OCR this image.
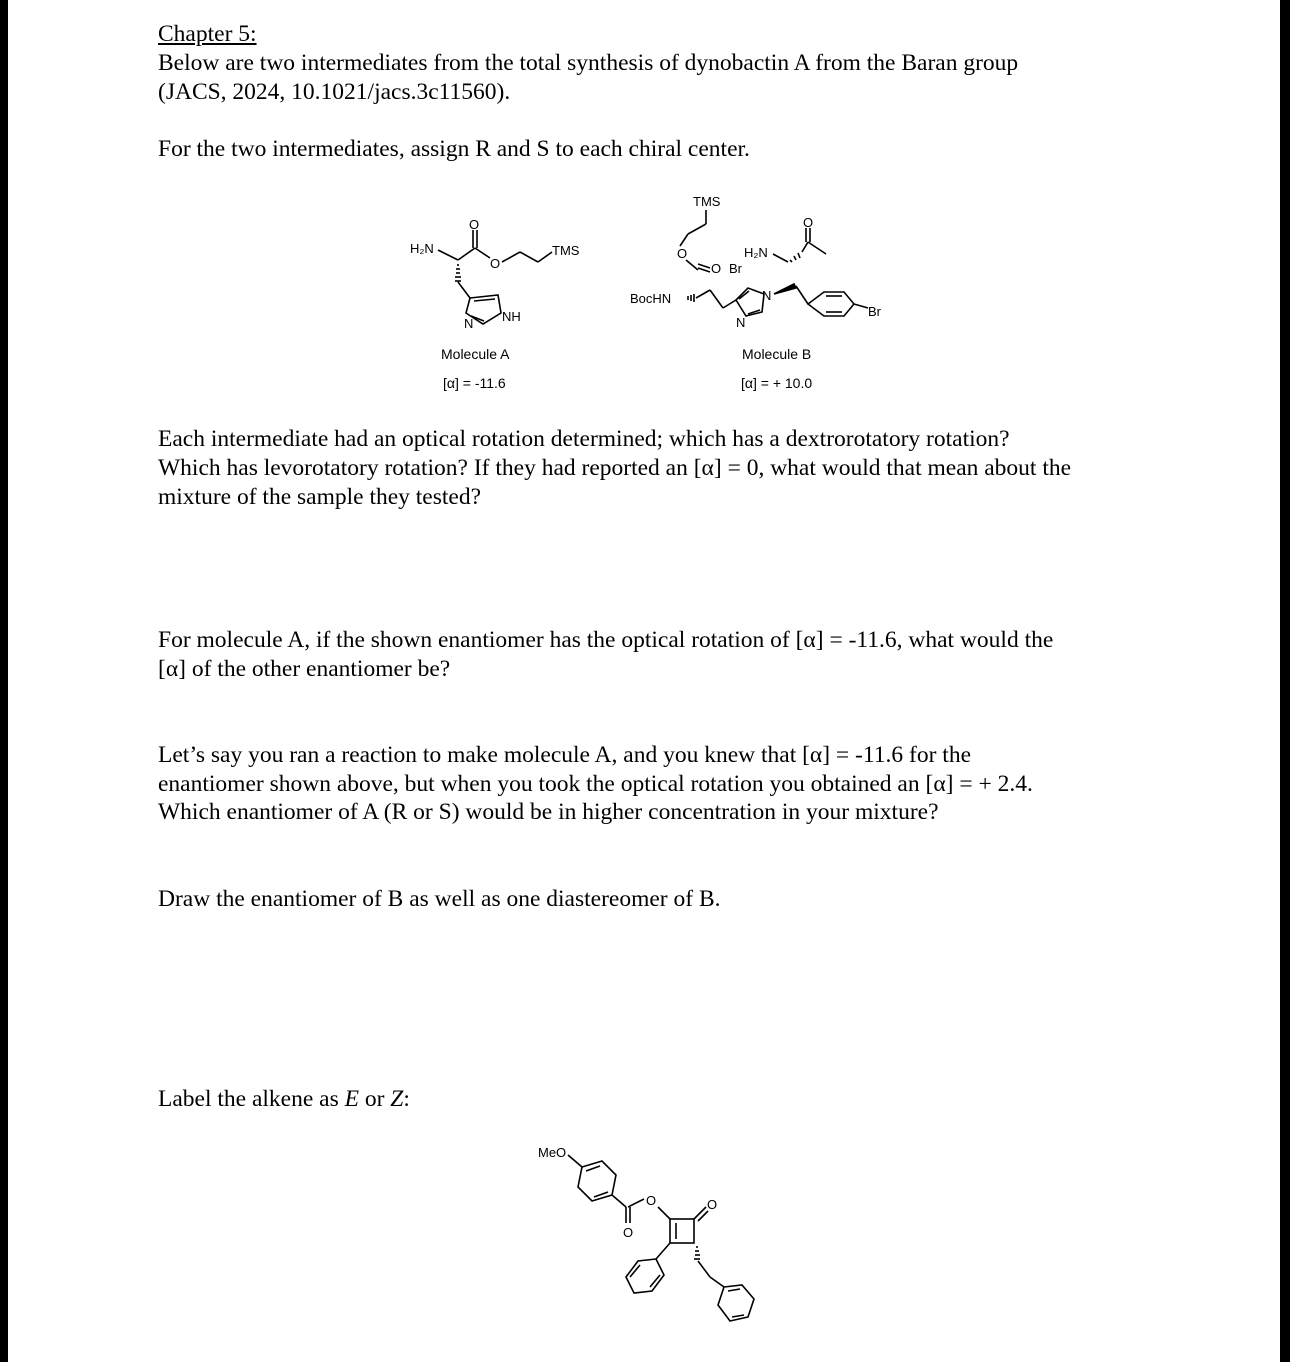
Chapter 5:

Below are two intermediates from the total synthesis of dynobactin A from the Baran group

(JACS, 2024, 10.1021/jacs.3c11560).

For the two intermediates, assign R and S to each chiral center.

H₂N
O
O
TMS
N NH
Molecule A
[α] = -11.6
TMS
O
O Br
H₂N
O
BocHN	N
N
Br
Molecule B
[α] = + 10.0

Each intermediate had an optical rotation determined; which has a dextrorotatory rotation?

Which has levorotatory rotation? If they had reported an [α] = 0, what would that mean about the

mixture of the sample they tested?

For molecule A, if the shown enantiomer has the optical rotation of [α] = -11.6, what would the

[α] of the other enantiomer be?

Let’s say you ran a reaction to make molecule A, and you knew that [α] = -11.6 for the

enantiomer shown above, but when you took the optical rotation you obtained an [α] = + 2.4.

Which enantiomer of A (R or S) would be in higher concentration in your mixture?

Draw the enantiomer of B as well as one diastereomer of B.

Label the alkene as E or Z:

MeO
O
O	O
